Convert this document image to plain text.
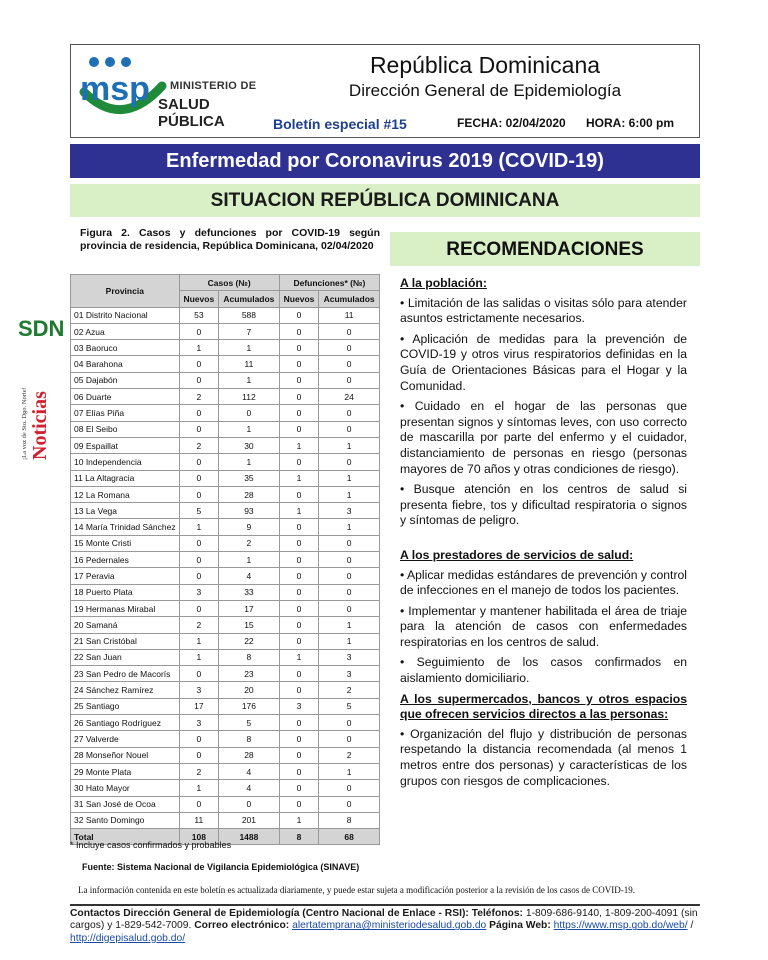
msp MINISTERIO DE
SALUD PÚBLICA
República Dominicana
Dirección General de Epidemiología
Boletín especial #15	FECHA: 02/04/2020 HORA: 6:00 pm
Enfermedad por Coronavirus 2019 (COVID-19)
SITUACION REPÚBLICA DOMINICANA
Figura 2. Casos y defunciones por COVID-19 según provincia de residencia, República Dominicana, 02/04/2020
Provincia	Casos (№)		Defunciones* (№)	
	Nuevos	Acumulados	Nuevos	Acumulados
01 Distrito Nacional	53	588	0	11
02 Azua	0	7	0	0
03 Baoruco	1	1	0	0
04 Barahona	0	11	0	0
05 Dajabón	0	1	0	0
06 Duarte	2	112	0	24
07 Elías Piña	0	0	0	0
08 El Seibo	0	1	0	0
09 Espaillat	2	30	1	1
10 Independencia	0	1	0	0
11 La Altagracia	0	35	1	1
12 La Romana	0	28	0	1
13 La Vega	5	93	1	3
14 María Trinidad Sánchez	1	9	0	1
15 Monte Cristi	0	2	0	0
16 Pedernales	0	1	0	0
17 Peravia	0	4	0	0
18 Puerto Plata	3	33	0	0
19 Hermanas Mirabal	0	17	0	0
20 Samaná	2	15	0	1
21 San Cristóbal	1	22	0	1
22 San Juan	1	8	1	3
23 San Pedro de Macorís	0	23	0	3
24 Sánchez Ramírez	3	20	0	2
25 Santiago	17	176	3	5
26 Santiago Rodríguez	3	5	0	0
27 Valverde	0	8	0	0
28 Monseñor Nouel	0	28	0	2
29 Monte Plata	2	4	0	1
30 Hato Mayor	1	4	0	0
31 San José de Ocoa	0	0	0	0
32 Santo Domingo	11	201	1	8
Total	108	1488	8	68
* Incluye casos confirmados y probables
Fuente: Sistema Nacional de Vigilancia Epidemiológica (SINAVE)
RECOMENDACIONES
A la población:

• Limitación de las salidas o visitas sólo para atender asuntos estrictamente necesarios.

• Aplicación de medidas para la prevención de COVID-19 y otros virus respiratorios definidas en la Guía de Orientaciones Básicas para el Hogar y la Comunidad.

• Cuidado en el hogar de las personas que presentan signos y síntomas leves, con uso correcto de mascarilla por parte del enfermo y el cuidador, distanciamiento de personas en riesgo (personas mayores de 70 años y otras condiciones de riesgo).

• Busque atención en los centros de salud si presenta fiebre, tos y dificultad respiratoria o signos y síntomas de peligro.

A los prestadores de servicios de salud:

• Aplicar medidas estándares de prevención y control de infecciones en el manejo de todos los pacientes.

• Implementar y mantener habilitada el área de triaje para la atención de casos con enfermedades respiratorias en los centros de salud.

• Seguimiento de los casos confirmados en aislamiento domiciliario.

A los supermercados, bancos y otros espacios que ofrecen servicios directos a las personas:

• Organización del flujo y distribución de personas respetando la distancia recomendada (al menos 1 metros entre dos personas) y características de los grupos con riesgos de complicaciones.

SDN
Noticias
¡La voz de Sto. Dgo. Norte!
La información contenida en este boletín es actualizada diariamente, y puede estar sujeta a modificación posterior a la revisión de los casos de COVID-19.
Contactos Dirección General de Epidemiología (Centro Nacional de Enlace - RSI): Teléfonos: 1-809-686-9140, 1-809-200-4091 (sin cargos) y 1-829-542-7009. Correo electrónico: alertatemprana@ministeriodesalud.gob.do Página Web: https://www.msp.gob.do/web/ / http://digepisalud.gob.do/
